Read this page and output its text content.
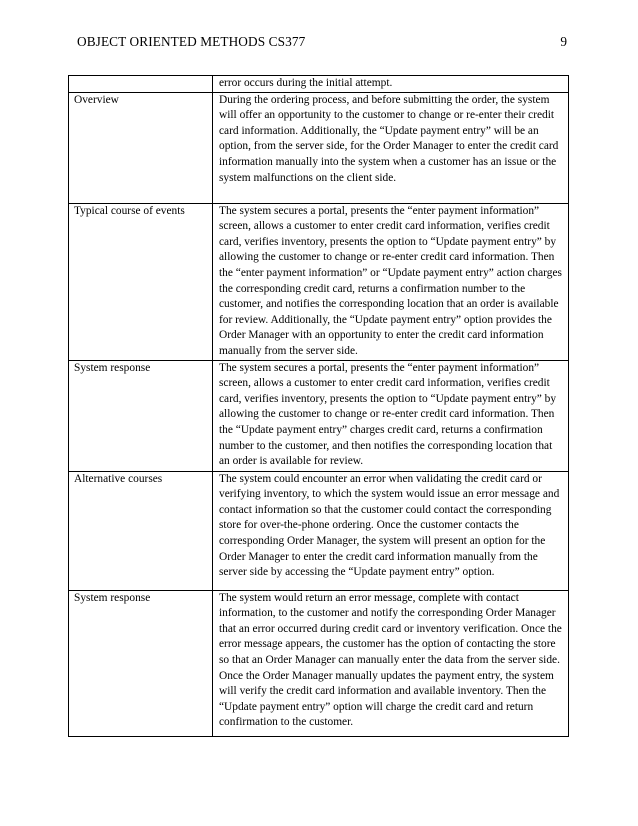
OBJECT ORIENTED METHODS CS377	9
	error occurs during the initial attempt.
Overview	During the ordering process, and before submitting the order, the system will offer an opportunity to the customer to change or re-enter their credit card information. Additionally, the “Update payment entry” will be an option, from the server side, for the Order Manager to enter the credit card information manually into the system when a customer has an issue or the system malfunctions on the client side.
Typical course of events	The system secures a portal, presents the “enter payment information” screen, allows a customer to enter credit card information, verifies credit card, verifies inventory, presents the option to “Update payment entry” by allowing the customer to change or re-enter credit card information. Then the “enter payment information” or “Update payment entry” action charges the corresponding credit card, returns a confirmation number to the customer, and notifies the corresponding location that an order is available for review. Additionally, the “Update payment entry” option provides the Order Manager with an opportunity to enter the credit card information manually from the server side.
System response	The system secures a portal, presents the “enter payment information” screen, allows a customer to enter credit card information, verifies credit card, verifies inventory, presents the option to “Update payment entry” by allowing the customer to change or re-enter credit card information. Then the “Update payment entry” charges credit card, returns a confirmation number to the customer, and then notifies the corresponding location that an order is available for review.
Alternative courses	The system could encounter an error when validating the credit card or verifying inventory, to which the system would issue an error message and contact information so that the customer could contact the corresponding store for over-the-phone ordering. Once the customer contacts the corresponding Order Manager, the system will present an option for the Order Manager to enter the credit card information manually from the server side by accessing the “Update payment entry” option.
System response	The system would return an error message, complete with contact information, to the customer and notify the corresponding Order Manager that an error occurred during credit card or inventory verification. Once the error message appears, the customer has the option of contacting the store so that an Order Manager can manually enter the data from the server side. Once the Order Manager manually updates the payment entry, the system will verify the credit card information and available inventory. Then the “Update payment entry” option will charge the credit card and return confirmation to the customer.
